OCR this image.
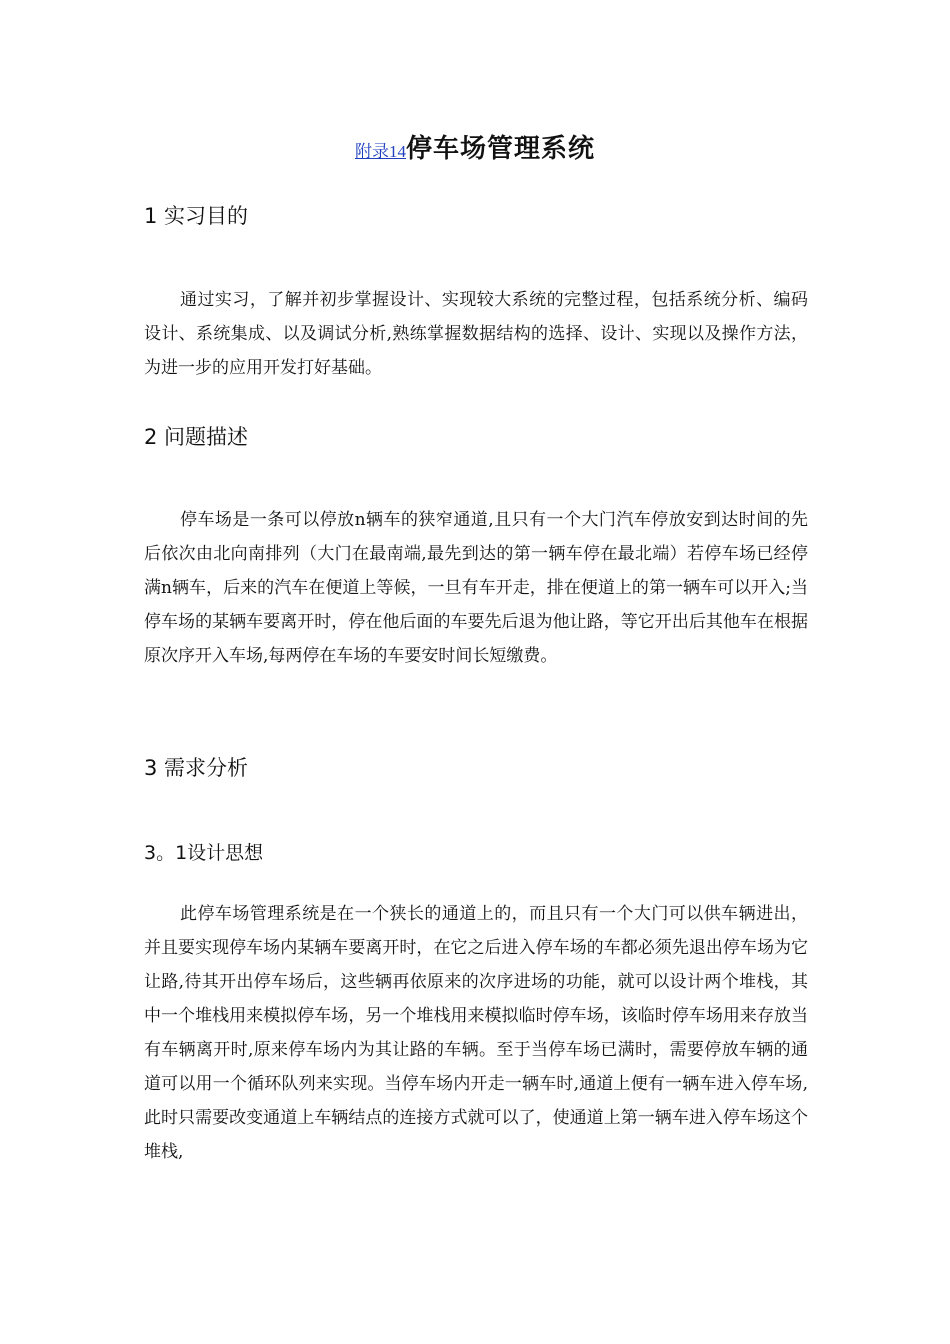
附录14停车场管理系统
1 实习目的

通过实习，了解并初步掌握设计、实现较大系统的完整过程，包括系统分析、编码设计、系统集成、以及调试分析,熟练掌握数据结构的选择、设计、实现以及操作方法，为进一步的应用开发打好基础。

2 问题描述

停车场是一条可以停放n辆车的狭窄通道,且只有一个大门汽车停放安到达时间的先后依次由北向南排列（大门在最南端,最先到达的第一辆车停在最北端）若停车场已经停满n辆车，后来的汽车在便道上等候，一旦有车开走，排在便道上的第一辆车可以开入;当停车场的某辆车要离开时，停在他后面的车要先后退为他让路，等它开出后其他车在根据原次序开入车场,每两停在车场的车要安时间长短缴费。

3 需求分析
3。1设计思想

此停车场管理系统是在一个狭长的通道上的，而且只有一个大门可以供车辆进出，并且要实现停车场内某辆车要离开时，在它之后进入停车场的车都必须先退出停车场为它让路,待其开出停车场后，这些辆再依原来的次序进场的功能，就可以设计两个堆栈，其中一个堆栈用来模拟停车场，另一个堆栈用来模拟临时停车场，该临时停车场用来存放当有车辆离开时,原来停车场内为其让路的车辆。至于当停车场已满时，需要停放车辆的通道可以用一个循环队列来实现。当停车场内开走一辆车时,通道上便有一辆车进入停车场,此时只需要改变通道上车辆结点的连接方式就可以了，使通道上第一辆车进入停车场这个堆栈,
